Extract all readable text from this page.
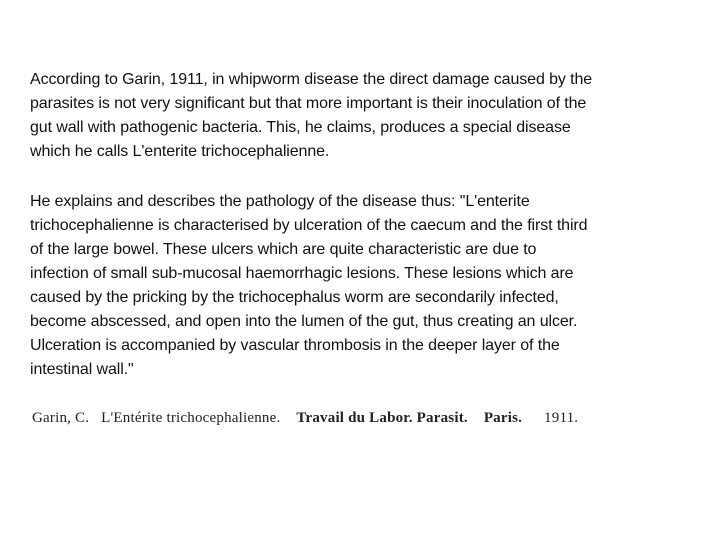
According to Garin, 1911, in whipworm disease the direct damage caused by the
parasites is not very significant but that more important is their inoculation of the
gut wall with pathogenic bacteria. This, he claims, produces a special disease
which he calls L'enterite trichocephalienne.
He explains and describes the pathology of the disease thus: "L'enterite
trichocephalienne is characterised by ulceration of the caecum and the first third
of the large bowel. These ulcers which are quite characteristic are due to
infection of small sub-mucosal haemorrhagic lesions. These lesions which are
caused by the pricking by the trichocephalus worm are secondarily infected,
become abscessed, and open into the lumen of the gut, thus creating an ulcer.
Ulceration is accompanied by vascular thrombosis in the deeper layer of the
intestinal wall."
Garin, C. L'Entérite trichocephalienne. Travail du Labor. Parasit. Paris. 1911.
